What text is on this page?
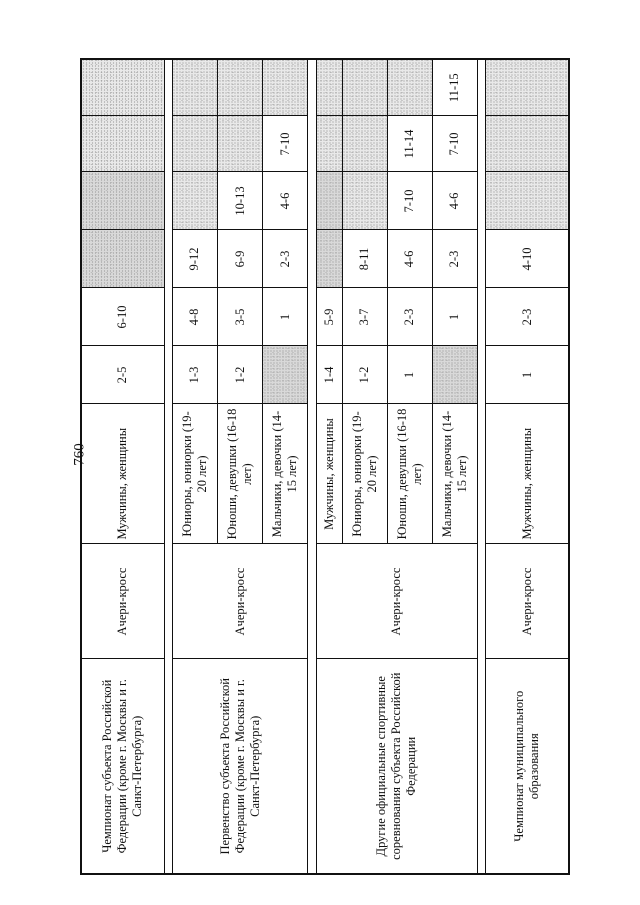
760
Чемпионат субъекта Российской Федерации (кроме г. Москвы и г. Санкт-Петербурга)	Ачери-кросс	Мужчины, женщины	2-5	6-10				

Первенство субъекта Российской Федерации (кроме г. Москвы и г. Санкт-Петербурга)	Ачери-кросс	Юниоры, юниорки (19-20 лет)	1-3	4-8	9-12			

		Юноши, девушки (16-18 лет)	1-2	3-5	6-9	10-13		

		Мальчики, девочки (14-15 лет)		1	2-3	4-6	7-10	

Другие официальные спортивные соревнования субъекта Российской Федерации	Ачери-кросс	Мужчины, женщины	1-4	5-9				

		Юниоры, юниорки (19-20 лет)	1-2	3-7	8-11			

		Юноши, девушки (16-18 лет)	1	2-3	4-6	7-10	11-14	

		Мальчики, девочки (14-15 лет)		1	2-3	4-6	7-10	11-15

Чемпионат муниципального образования	Ачери-кросс	Мужчины, женщины	1	2-3	4-10			
